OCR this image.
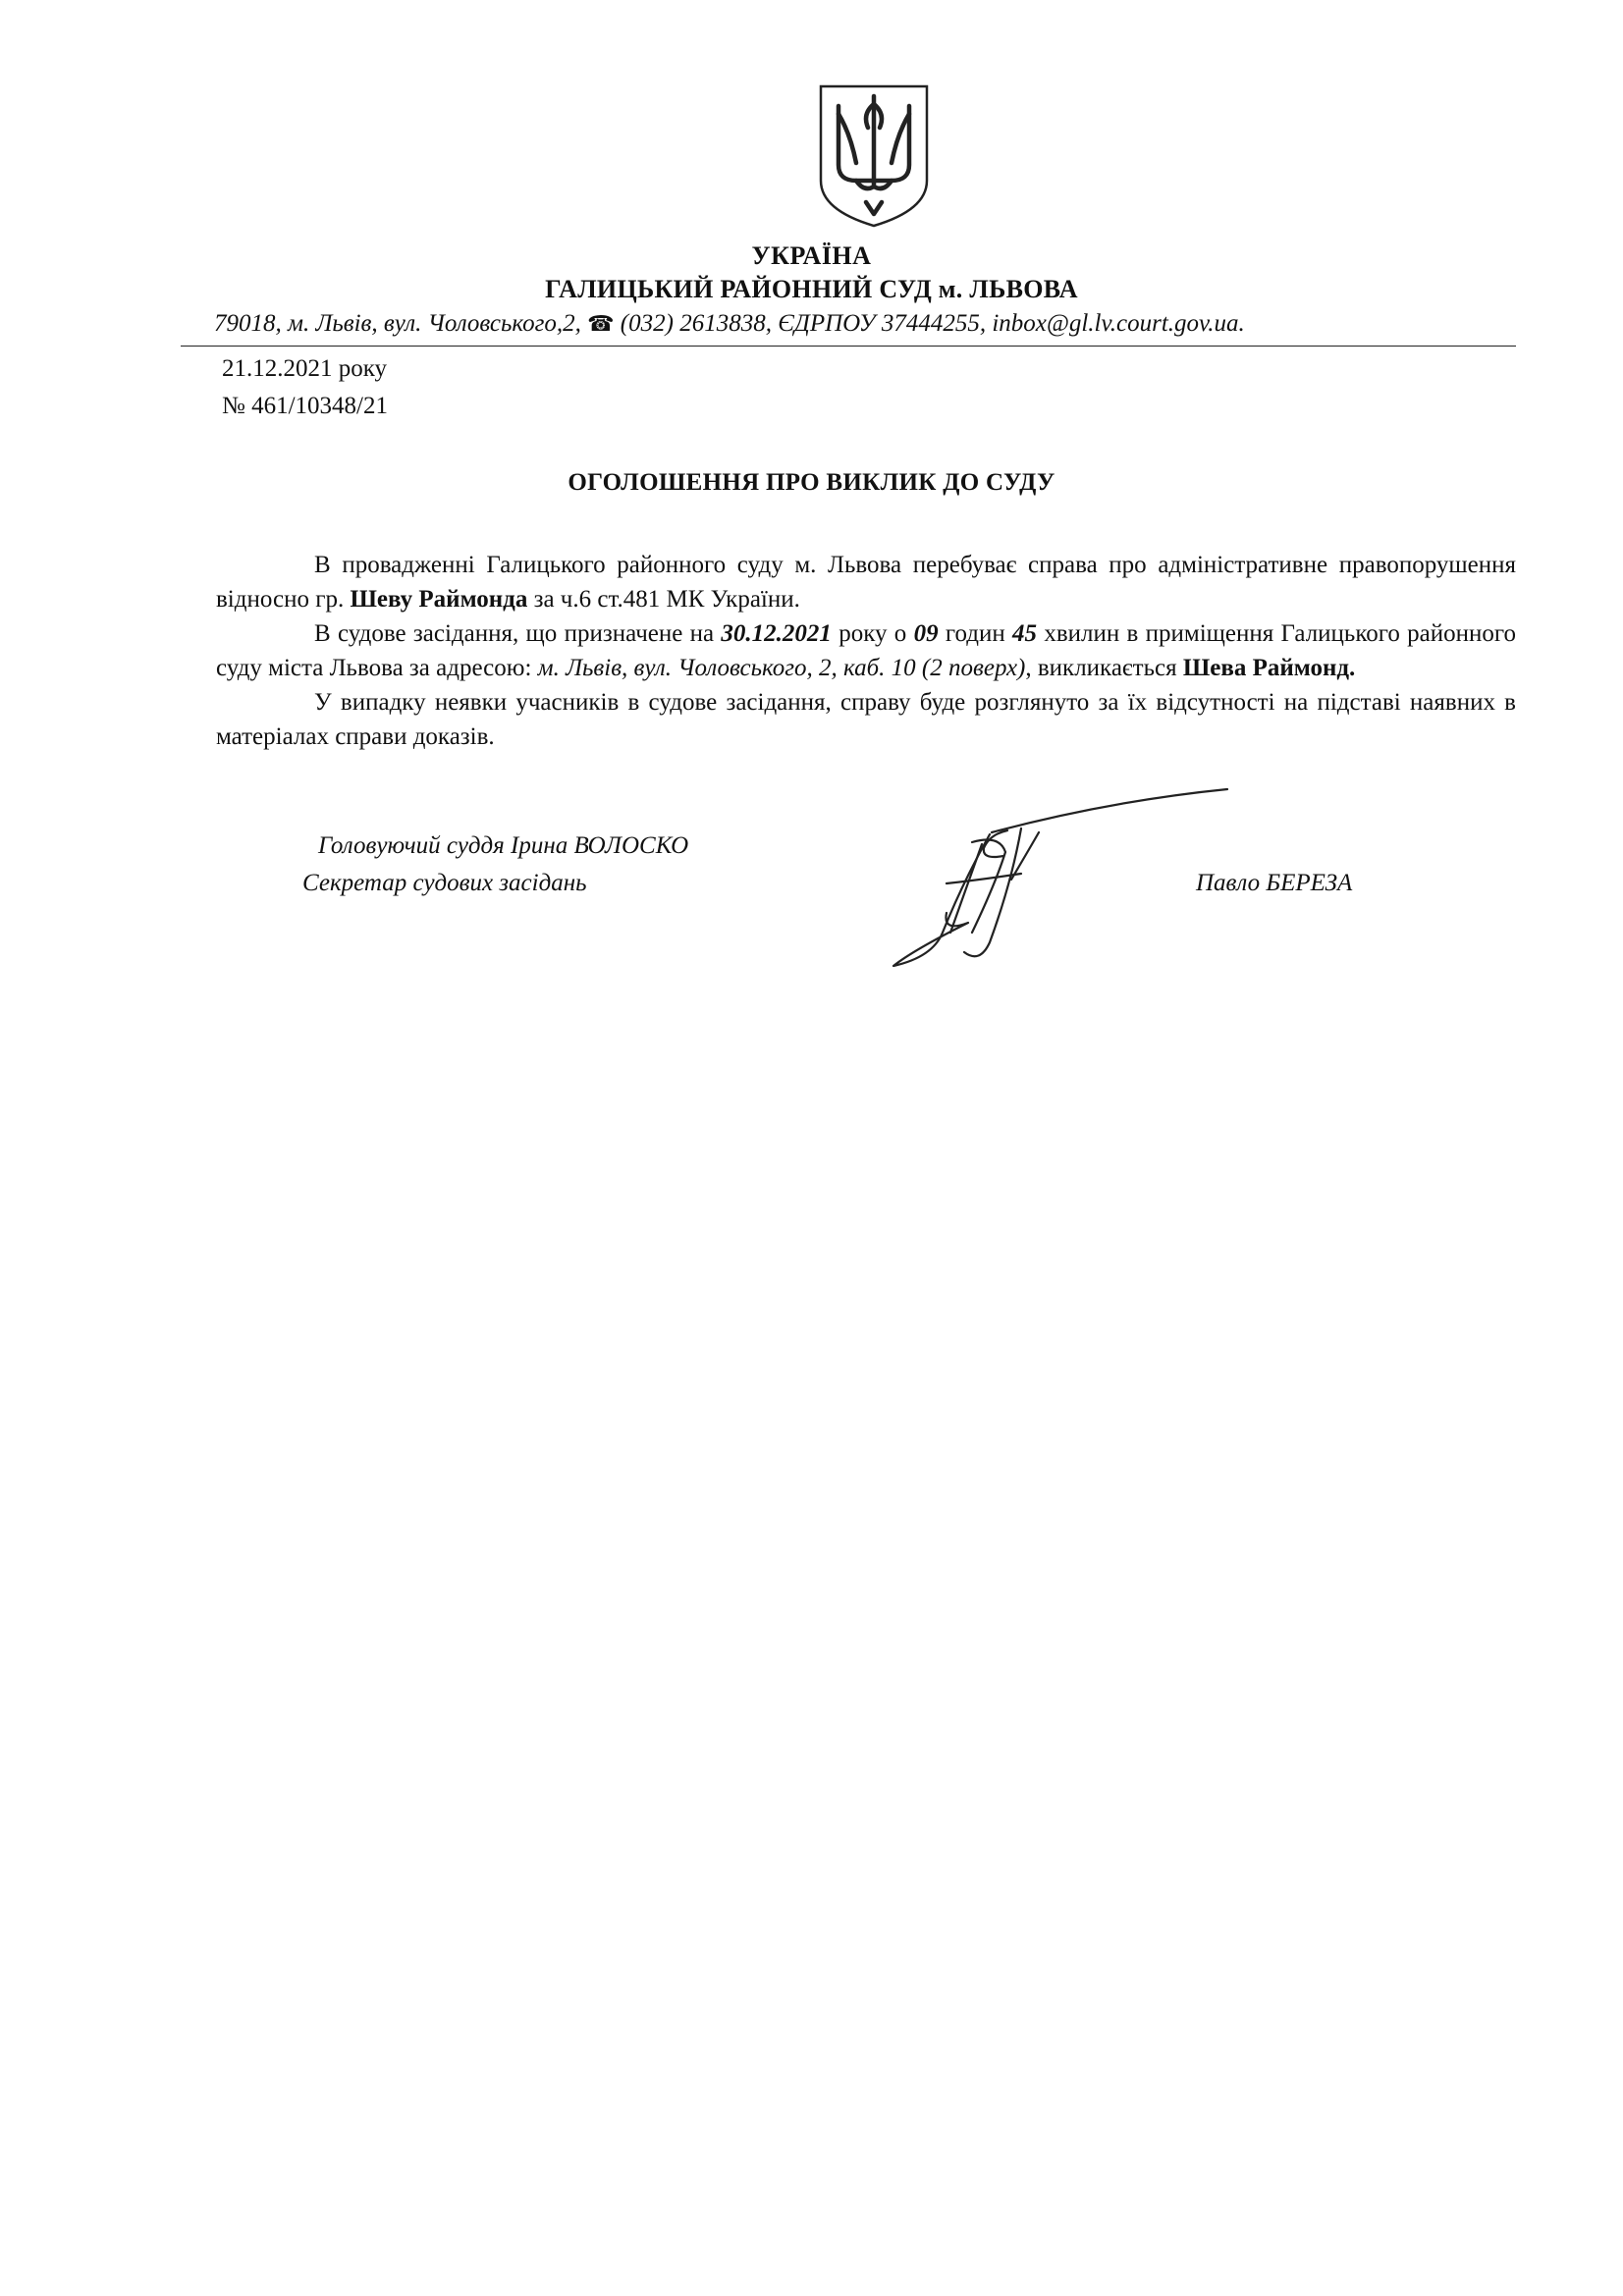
УКРАЇНА
ГАЛИЦЬКИЙ РАЙОННИЙ СУД м. ЛЬВОВА
79018, м. Львів, вул. Чоловського,2, ☎ (032) 2613838, ЄДРПОУ 37444255, inbox@gl.lv.court.gov.ua.
21.12.2021 року
№ 461/10348/21
ОГОЛОШЕННЯ ПРО ВИКЛИК ДО СУДУ

В провадженні Галицького районного суду м. Львова перебуває справа про адміністративне правопорушення відносно гр. Шеву Раймонда за ч.6 ст.481 МК України.

В судове засідання, що призначене на 30.12.2021 року о 09 годин 45 хвилин в приміщення Галицького районного суду міста Львова за адресою: м. Львів, вул. Чоловського, 2, каб. 10 (2 поверх), викликається Шева Раймонд.

У випадку неявки учасників в судове засідання, справу буде розглянуто за їх відсутності на підставі наявних в матеріалах справи доказів.

Головуючий суддя Ірина ВОЛОСКО
Секретар судових засідань	Павло БЕРЕЗА
